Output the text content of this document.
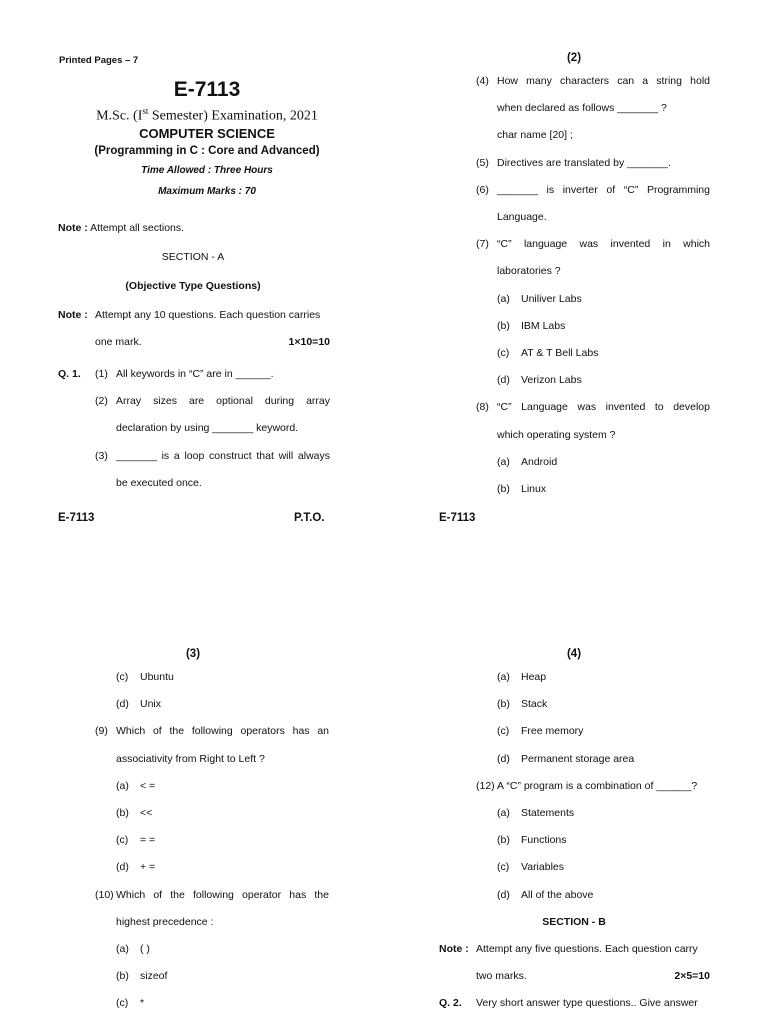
Printed Pages – 7
E-7113
M.Sc. (Ist Semester) Examination, 2021
COMPUTER SCIENCE
(Programming in C : Core and Advanced)
Time Allowed : Three Hours
Maximum Marks : 70
Note : Attempt all sections.
SECTION - A
(Objective Type Questions)
Note : Attempt any 10 questions. Each question carries
one mark.	1×10=10
Q. 1.	(1) All keywords in “C” are in ______.
(2) Array sizes are optional during array
declaration by using _______ keyword.
(3) _______ is a loop construct that will always
be executed once.
E-7113	P.T.O.
(2)
(4) How many characters can a string hold
when declared as follows _______ ?
char name [20] ;
(5) Directives are translated by _______.
(6) _______ is inverter of “C” Programming
Language.
(7) “C” language was invented in which
laboratories ?
(a)	Uniliver Labs
(b)	IBM Labs
(c)	AT & T Bell Labs
(d)	Verizon Labs
(8) “C” Language was invented to develop
which operating system ?
(a)	Android
(b)	Linux
E-7113
(3)
(c)	Ubuntu
(d)	Unix
(9) Which of the following operators has an
associativity from Right to Left ?
(a)	< =
(b)	<<
(c)	= =
(d)	+ =
(10) Which of the following operator has the
highest precedence :
(a)	( )
(b)	sizeof
(c)	*
(4)
(a)	Heap
(b)	Stack
(c)	Free memory
(d)	Permanent storage area
(12) A “C” program is a combination of ______?
(a)	Statements
(b)	Functions
(c)	Variables
(d)	All of the above
SECTION - B
Note : Attempt any five questions. Each question carry
two marks.	2×5=10
Q. 2.	Very short answer type questions.. Give answer
